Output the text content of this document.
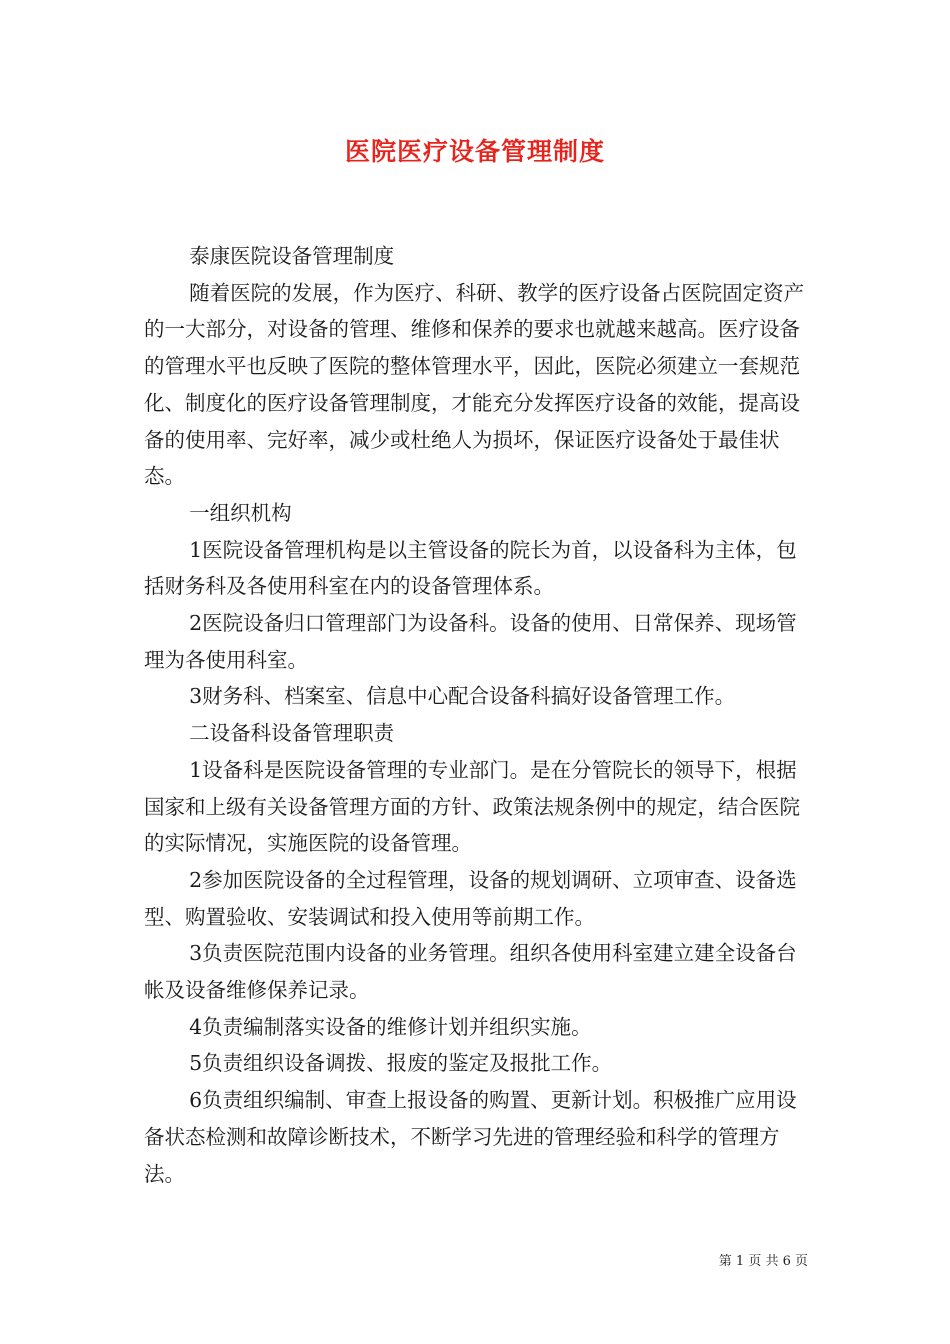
医院医疗设备管理制度

泰康医院设备管理制度

随着医院的发展，作为医疗、科研、教学的医疗设备占医院固定资产的一大部分，对设备的管理、维修和保养的要求也就越来越高。医疗设备的管理水平也反映了医院的整体管理水平，因此，医院必须建立一套规范化、制度化的医疗设备管理制度，才能充分发挥医疗设备的效能，提高设备的使用率、完好率，减少或杜绝人为损坏，保证医疗设备处于最佳状态。

一组织机构

1医院设备管理机构是以主管设备的院长为首，以设备科为主体，包括财务科及各使用科室在内的设备管理体系。

2医院设备归口管理部门为设备科。设备的使用、日常保养、现场管理为各使用科室。

3财务科、档案室、信息中心配合设备科搞好设备管理工作。

二设备科设备管理职责

1设备科是医院设备管理的专业部门。是在分管院长的领导下，根据国家和上级有关设备管理方面的方针、政策法规条例中的规定，结合医院的实际情况，实施医院的设备管理。

2参加医院设备的全过程管理，设备的规划调研、立项审查、设备选型、购置验收、安装调试和投入使用等前期工作。

3负责医院范围内设备的业务管理。组织各使用科室建立建全设备台帐及设备维修保养记录。

4负责编制落实设备的维修计划并组织实施。

5负责组织设备调拨、报废的鉴定及报批工作。

6负责组织编制、审查上报设备的购置、更新计划。积极推广应用设备状态检测和故障诊断技术，不断学习先进的管理经验和科学的管理方法。

第 1 页 共 6 页
